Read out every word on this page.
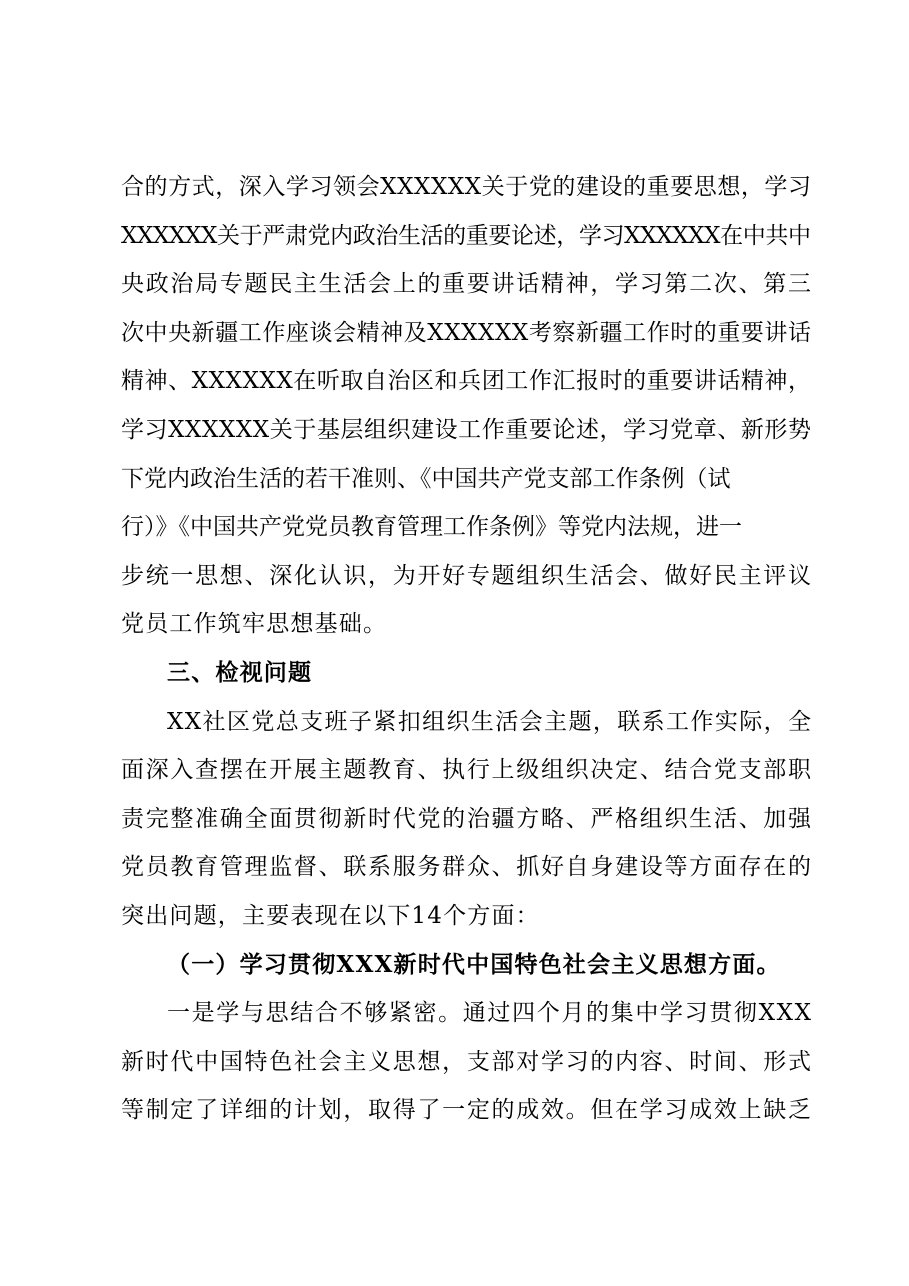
合的方式，深入学习领会XXXXXX关于党的建设的重要思想，学习
XXXXXX关于严肃党内政治生活的重要论述，学习XXXXXX在中共中
央政治局专题民主生活会上的重要讲话精神，学习第二次、第三
次中央新疆工作座谈会精神及XXXXXX考察新疆工作时的重要讲话
精神、XXXXXX在听取自治区和兵团工作汇报时的重要讲话精神，
学习XXXXXX关于基层组织建设工作重要论述，学习党章、新形势
下党内政治生活的若干准则、《中国共产党支部工作条例（试
行）》《中国共产党党员教育管理工作条例》等党内法规，进一
步统一思想、深化认识，为开好专题组织生活会、做好民主评议
党员工作筑牢思想基础。
三、检视问题
XX社区党总支班子紧扣组织生活会主题，联系工作实际，全
面深入查摆在开展主题教育、执行上级组织决定、结合党支部职
责完整准确全面贯彻新时代党的治疆方略、严格组织生活、加强
党员教育管理监督、联系服务群众、抓好自身建设等方面存在的
突出问题，主要表现在以下14个方面：
（一）学习贯彻XXX新时代中国特色社会主义思想方面。
一是学与思结合不够紧密。通过四个月的集中学习贯彻XXX
新时代中国特色社会主义思想，支部对学习的内容、时间、形式
等制定了详细的计划，取得了一定的成效。但在学习成效上缺乏
